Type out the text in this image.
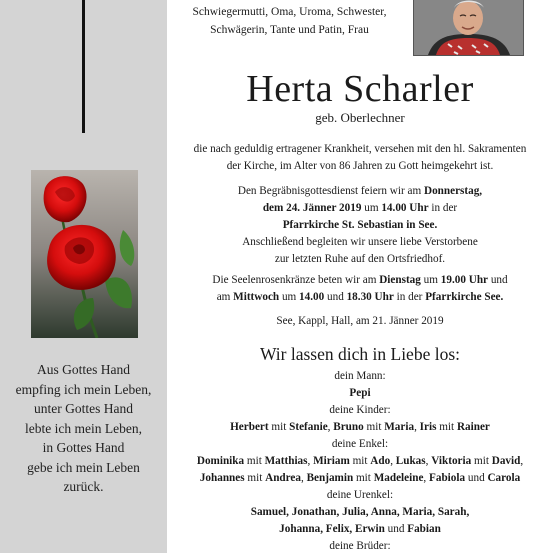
Aus Gottes Hand
empfing ich mein Leben,
unter Gottes Hand
lebte ich mein Leben,
in Gottes Hand
gebe ich mein Leben
zurück.
Schwiegermutti, Oma, Uroma, Schwester,
Schwägerin, Tante und Patin, Frau
Herta Scharler
geb. Oberlechner
die nach geduldig ertragener Krankheit, versehen mit den hl. Sakramenten
der Kirche, im Alter von 86 Jahren zu Gott heimgekehrt ist.
Den Begräbnisgottesdienst feiern wir am Donnerstag,
dem 24. Jänner 2019 um 14.00 Uhr in der
Pfarrkirche St. Sebastian in See.
Anschließend begleiten wir unsere liebe Verstorbene
zur letzten Ruhe auf den Ortsfriedhof.
Die Seelenrosenkränze beten wir am Dienstag um 19.00 Uhr und
am Mittwoch um 14.00 und 18.30 Uhr in der Pfarrkirche See.
See, Kappl, Hall, am 21. Jänner 2019
Wir lassen dich in Liebe los:
dein Mann:
Pepi
deine Kinder:
Herbert mit Stefanie, Bruno mit Maria, Iris mit Rainer
deine Enkel:
Dominika mit Matthias, Miriam mit Ado, Lukas, Viktoria mit David,
Johannes mit Andrea, Benjamin mit Madeleine, Fabiola und Carola
deine Urenkel:
Samuel, Jonathan, Julia, Anna, Maria, Sarah,
Johanna, Felix, Erwin und Fabian
deine Brüder:
